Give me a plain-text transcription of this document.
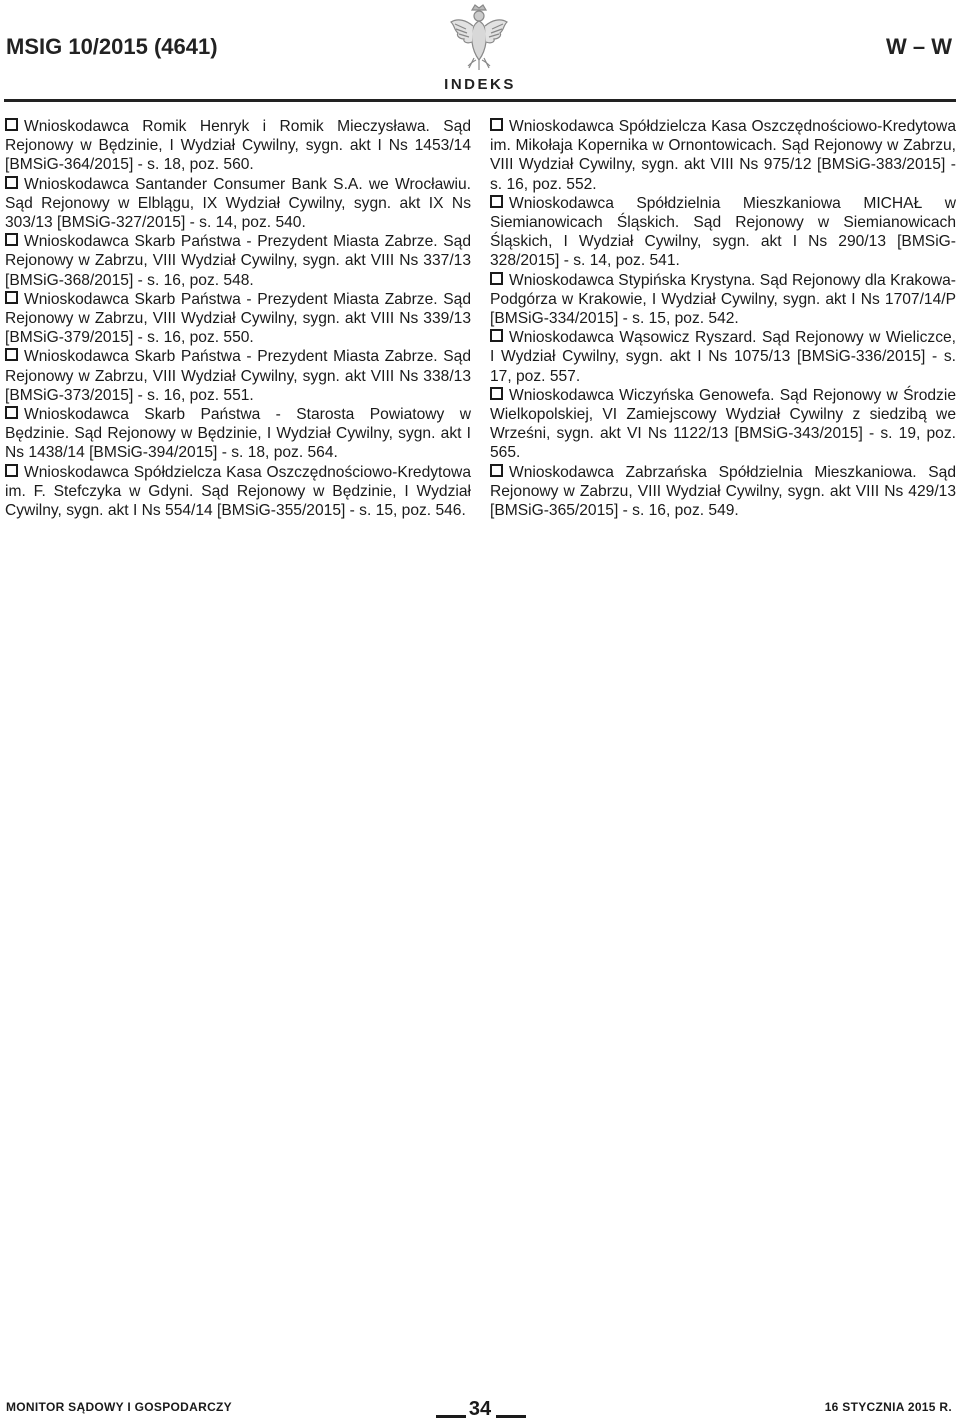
MSIG 10/2015 (4641)	W – W
INDEKS

Wnioskodawca Romik Henryk i Romik Mieczysława. Sąd Rejonowy w Będzinie, I Wydział Cywilny, sygn. akt I Ns 1453/14 [BMSiG-364/2015] - s. 18, poz. 560.

Wnioskodawca Santander Consumer Bank S.A. we Wrocławiu. Sąd Rejonowy w Elblągu, IX Wydział Cywilny, sygn. akt IX Ns 303/13 [BMSiG-327/2015] - s. 14, poz. 540.

Wnioskodawca Skarb Państwa - Prezydent Miasta Zabrze. Sąd Rejonowy w Zabrzu, VIII Wydział Cywilny, sygn. akt VIII Ns 337/13 [BMSiG-368/2015] - s. 16, poz. 548.

Wnioskodawca Skarb Państwa - Prezydent Miasta Zabrze. Sąd Rejonowy w Zabrzu, VIII Wydział Cywilny, sygn. akt VIII Ns 339/13 [BMSiG-379/2015] - s. 16, poz. 550.

Wnioskodawca Skarb Państwa - Prezydent Miasta Zabrze. Sąd Rejonowy w Zabrzu, VIII Wydział Cywilny, sygn. akt VIII Ns 338/13 [BMSiG-373/2015] - s. 16, poz. 551.

Wnioskodawca Skarb Państwa - Starosta Powiatowy w Będzinie. Sąd Rejonowy w Będzinie, I Wydział Cywilny, sygn. akt I Ns 1438/14 [BMSiG-394/2015] - s. 18, poz. 564.

Wnioskodawca Spółdzielcza Kasa Oszczędnościowo-Kredytowa im. F. Stefczyka w Gdyni. Sąd Rejonowy w Będzinie, I Wydział Cywilny, sygn. akt I Ns 554/14 [BMSiG-355/2015] - s. 15, poz. 546.

Wnioskodawca Spółdzielcza Kasa Oszczędnościowo-Kredytowa im. Mikołaja Kopernika w Ornontowicach. Sąd Rejonowy w Zabrzu, VIII Wydział Cywilny, sygn. akt VIII Ns 975/12 [BMSiG-383/2015] - s. 16, poz. 552.

Wnioskodawca Spółdzielnia Mieszkaniowa MICHAŁ w Siemianowicach Śląskich. Sąd Rejonowy w Siemianowicach Śląskich, I Wydział Cywilny, sygn. akt I Ns 290/13 [BMSiG-328/2015] - s. 14, poz. 541.

Wnioskodawca Stypińska Krystyna. Sąd Rejonowy dla Krakowa-Podgórza w Krakowie, I Wydział Cywilny, sygn. akt I Ns 1707/14/P [BMSiG-334/2015] - s. 15, poz. 542.

Wnioskodawca Wąsowicz Ryszard. Sąd Rejonowy w Wieliczce, I Wydział Cywilny, sygn. akt I Ns 1075/13 [BMSiG-336/2015] - s. 17, poz. 557.

Wnioskodawca Wiczyńska Genowefa. Sąd Rejonowy w Środzie Wielkopolskiej, VI Zamiejscowy Wydział Cywilny z siedzibą we Wrześni, sygn. akt VI Ns 1122/13 [BMSiG-343/2015] - s. 19, poz. 565.

Wnioskodawca Zabrzańska Spółdzielnia Mieszkaniowa. Sąd Rejonowy w Zabrzu, VIII Wydział Cywilny, sygn. akt VIII Ns 429/13 [BMSiG-365/2015] - s. 16, poz. 549.

MONITOR SĄDOWY I GOSPODARCZY	34	16 STYCZNIA 2015 R.
